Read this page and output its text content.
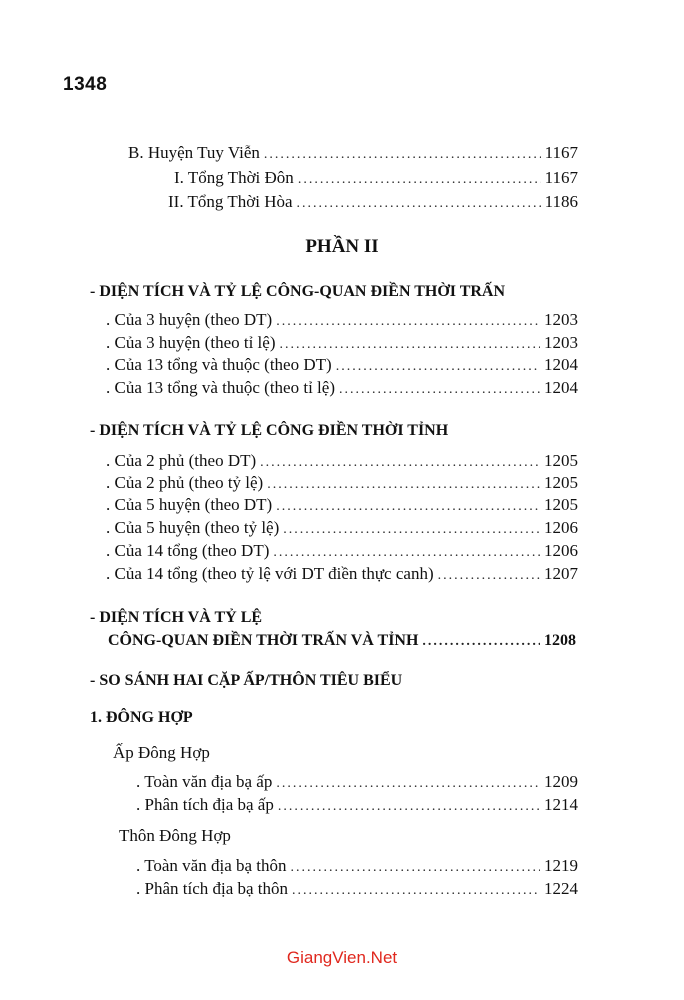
1348
B. Huyện Tuy Viễn .....	1167
I. Tổng Thời Đôn .....	1167
II. Tổng Thời Hòa .....	1186
PHẦN II
- DIỆN TÍCH VÀ TỶ LỆ CÔNG-QUAN ĐIỀN THỜI TRẤN
. Của 3 huyện (theo DT) .....	1203
. Của 3 huyện (theo tỉ lệ) .....	1203
. Của 13 tổng và thuộc (theo DT) .....	1204
. Của 13 tổng và thuộc (theo tỉ lệ) .....	1204
- DIỆN TÍCH VÀ TỶ LỆ CÔNG ĐIỀN THỜI TỈNH
. Của 2 phủ (theo DT) .....	1205
. Của 2 phủ (theo tỷ lệ) .....	1205
. Của 5 huyện (theo DT) .....	1205
. Của 5 huyện (theo tỷ lệ) .....	1206
. Của 14 tổng (theo DT) .....	1206
. Của 14 tổng (theo tỷ lệ với DT điền thực canh) .....	1207
- DIỆN TÍCH VÀ TỶ LỆ
CÔNG-QUAN ĐIỀN THỜI TRẤN VÀ TỈNH .....	1208
- SO SÁNH HAI CẶP ẤP/THÔN TIÊU BIỂU
1. ĐÔNG HỢP
Ấp Đông Hợp
. Toàn văn địa bạ ấp .....	1209
. Phân tích địa bạ ấp .....	1214
Thôn Đông Hợp
. Toàn văn địa bạ thôn .....	1219
. Phân tích địa bạ thôn .....	1224
GiangVien.Net
